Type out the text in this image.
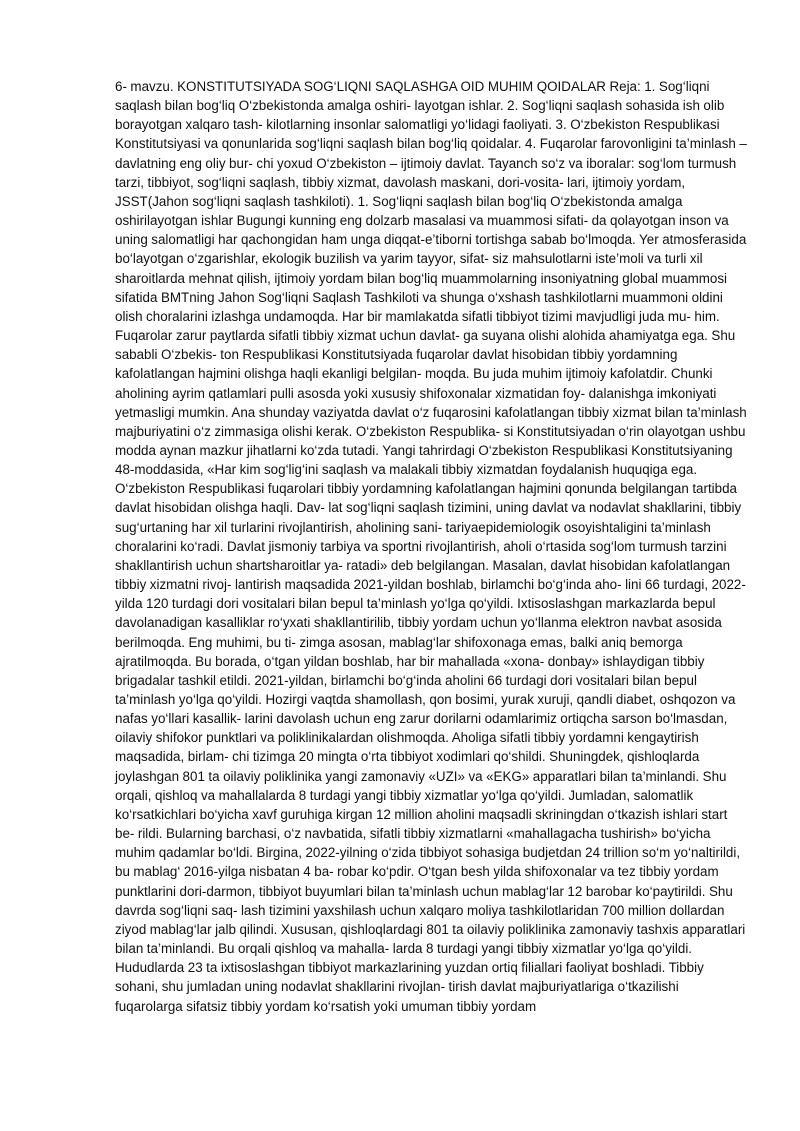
6- mavzu. KONSTITUTSIYADA SOG‘LIQNI SAQLASHGA OID MUHIM QOIDALAR Reja: 1. Sog‘liqni saqlash bilan bog‘liq O‘zbekistonda amalga oshiri- layotgan ishlar. 2. Sog‘liqni saqlash sohasida ish olib borayotgan xalqaro tash- kilotlarning insonlar salomatligi yo‘lidagi faoliyati. 3. O‘zbekiston Respublikasi Konstitutsiyasi va qonunlarida sog‘liqni saqlash bilan bog‘liq qoidalar. 4. Fuqarolar farovonligini ta’minlash – davlatning eng oliy bur- chi yoxud O‘zbekiston – ijtimoiy davlat. Tayanch so‘z va iboralar: sog‘lom turmush tarzi, tibbiyot, sog‘liqni saqlash, tibbiy xizmat, davolash maskani, dori-vosita- lari, ijtimoiy yordam, JSST(Jahon sog‘liqni saqlash tashkiloti). 1. Sog‘liqni saqlash bilan bog‘liq O‘zbekistonda amalga oshirilayotgan ishlar Bugungi kunning eng dolzarb masalasi va muammosi sifati- da qolayotgan inson va uning salomatligi har qachongidan ham unga diqqat-e’tiborni tortishga sabab bo‘lmoqda. Yer atmosferasida bo‘layotgan o‘zgarishlar, ekologik buzilish va yarim tayyor, sifat- siz mahsulotlarni iste’moli va turli xil sharoitlarda mehnat qilish, ijtimoiy yordam bilan bog‘liq muammolarning insoniyatning global muammosi sifatida BMTning Jahon Sog‘liqni Saqlash Tashkiloti va shunga o‘xshash tashkilotlarni muammoni oldini olish choralarini izlashga undamoqda. Har bir mamlakatda sifatli tibbiyot tizimi mavjudligi juda mu- him. Fuqarolar zarur paytlarda sifatli tibbiy xizmat uchun davlat- ga suyana olishi alohida ahamiyatga ega. Shu sababli O‘zbekis- ton Respublikasi Konstitutsiyada fuqarolar davlat hisobidan tibbiy yordamning kafolatlangan hajmini olishga haqli ekanligi belgilan- moqda. Bu juda muhim ijtimoiy kafolatdir. Chunki aholining ayrim qatlamlari pulli asosda yoki xususiy shifoxonalar xizmatidan foy- dalanishga imkoniyati yetmasligi mumkin. Ana shunday vaziyatda davlat o‘z fuqarosini kafolatlangan tibbiy xizmat bilan ta’minlash majburiyatini o‘z zimmasiga olishi kerak. O‘zbekiston Respublika- si Konstitutsiyadan o‘rin olayotgan ushbu modda aynan mazkur jihatlarni ko‘zda tutadi. Yangi tahrirdagi O‘zbekiston Respublikasi Konstitutsiyaning 48-moddasida, «Har kim sog‘lig‘ini saqlash va malakali tibbiy xizmatdan foydalanish huquqiga ega. O‘zbekiston Respublikasi fuqarolari tibbiy yordamning kafolatlangan hajmini qonunda belgilangan tartibda davlat hisobidan olishga haqli. Dav- lat sog‘liqni saqlash tizimini, uning davlat va nodavlat shakllarini, tibbiy sug‘urtaning har xil turlarini rivojlantirish, aholining sani- tariyaepidemiologik osoyishtaligini ta’minlash choralarini ko‘radi. Davlat jismoniy tarbiya va sportni rivojlantirish, aholi o‘rtasida sog‘lom turmush tarzini shakllantirish uchun shartsharoitlar ya- ratadi» deb belgilangan. Masalan, davlat hisobidan kafolatlangan tibbiy xizmatni rivoj- lantirish maqsadida 2021-yildan boshlab, birlamchi bo‘g‘inda aho- lini 66 turdagi, 2022-yilda 120 turdagi dori vositalari bilan bepul ta’minlash yo‘lga qo‘yildi. Ixtisoslashgan markazlarda bepul davolanadigan kasalliklar ro‘yxati shakllantirilib, tibbiy yordam uchun yo‘llanma elektron navbat asosida berilmoqda. Eng muhimi, bu ti- zimga asosan, mablag‘lar shifoxonaga emas, balki aniq bemorga ajratilmoqda. Bu borada, o‘tgan yildan boshlab, har bir mahallada «xona- donbay» ishlaydigan tibbiy brigadalar tashkil etildi. 2021-yildan, birlamchi bo‘g‘inda aholini 66 turdagi dori vositalari bilan bepul ta’minlash yo‘lga qo‘yildi. Hozirgi vaqtda shamollash, qon bosimi, yurak xuruji, qandli diabet, oshqozon va nafas yo‘llari kasallik- larini davolash uchun eng zarur dorilarni odamlarimiz ortiqcha sarson bo‘lmasdan, oilaviy shifokor punktlari va poliklinikalardan olishmoqda. Aholiga sifatli tibbiy yordamni kengaytirish maqsadida, birlam- chi tizimga 20 mingta o‘rta tibbiyot xodimlari qo‘shildi. Shuningdek, qishloqlarda joylashgan 801 ta oilaviy poliklinika yangi zamonaviy «UZI» va «EKG» apparatlari bilan ta’minlandi. Shu orqali, qishloq va mahallalarda 8 turdagi yangi tibbiy xizmatlar yo‘lga qo‘yildi. Jumladan, salomatlik ko‘rsatkichlari bo‘yicha xavf guruhiga kirgan 12 million aholini maqsadli skriningdan o‘tkazish ishlari start be- rildi. Bularning barchasi, o‘z navbatida, sifatli tibbiy xizmatlarni «mahallagacha tushirish» bo‘yicha muhim qadamlar bo‘ldi. Birgina, 2022-yilning o‘zida tibbiyot sohasiga budjetdan 24 trillion so‘m yo‘naltirildi, bu mablag‘ 2016-yilga nisbatan 4 ba- robar ko‘pdir. O‘tgan besh yilda shifoxonalar va tez tibbiy yordam punktlarini dori-darmon, tibbiyot buyumlari bilan ta’minlash uchun mablag‘lar 12 barobar ko‘paytirildi. Shu davrda sog‘liqni saq- lash tizimini yaxshilash uchun xalqaro moliya tashkilotlaridan 700 million dollardan ziyod mablag‘lar jalb qilindi. Xususan, qishloqlardagi 801 ta oilaviy poliklinika zamonaviy tashxis apparatlari bilan ta’minlandi. Bu orqali qishloq va mahalla- larda 8 turdagi yangi tibbiy xizmatlar yo‘lga qo‘yildi. Hududlarda 23 ta ixtisoslashgan tibbiyot markazlarining yuzdan ortiq filiallari faoliyat boshladi. Tibbiy sohani, shu jumladan uning nodavlat shakllarini rivojlan- tirish davlat majburiyatlariga o‘tkazilishi fuqarolarga sifatsiz tibbiy yordam ko‘rsatish yoki umuman tibbiy yordam
